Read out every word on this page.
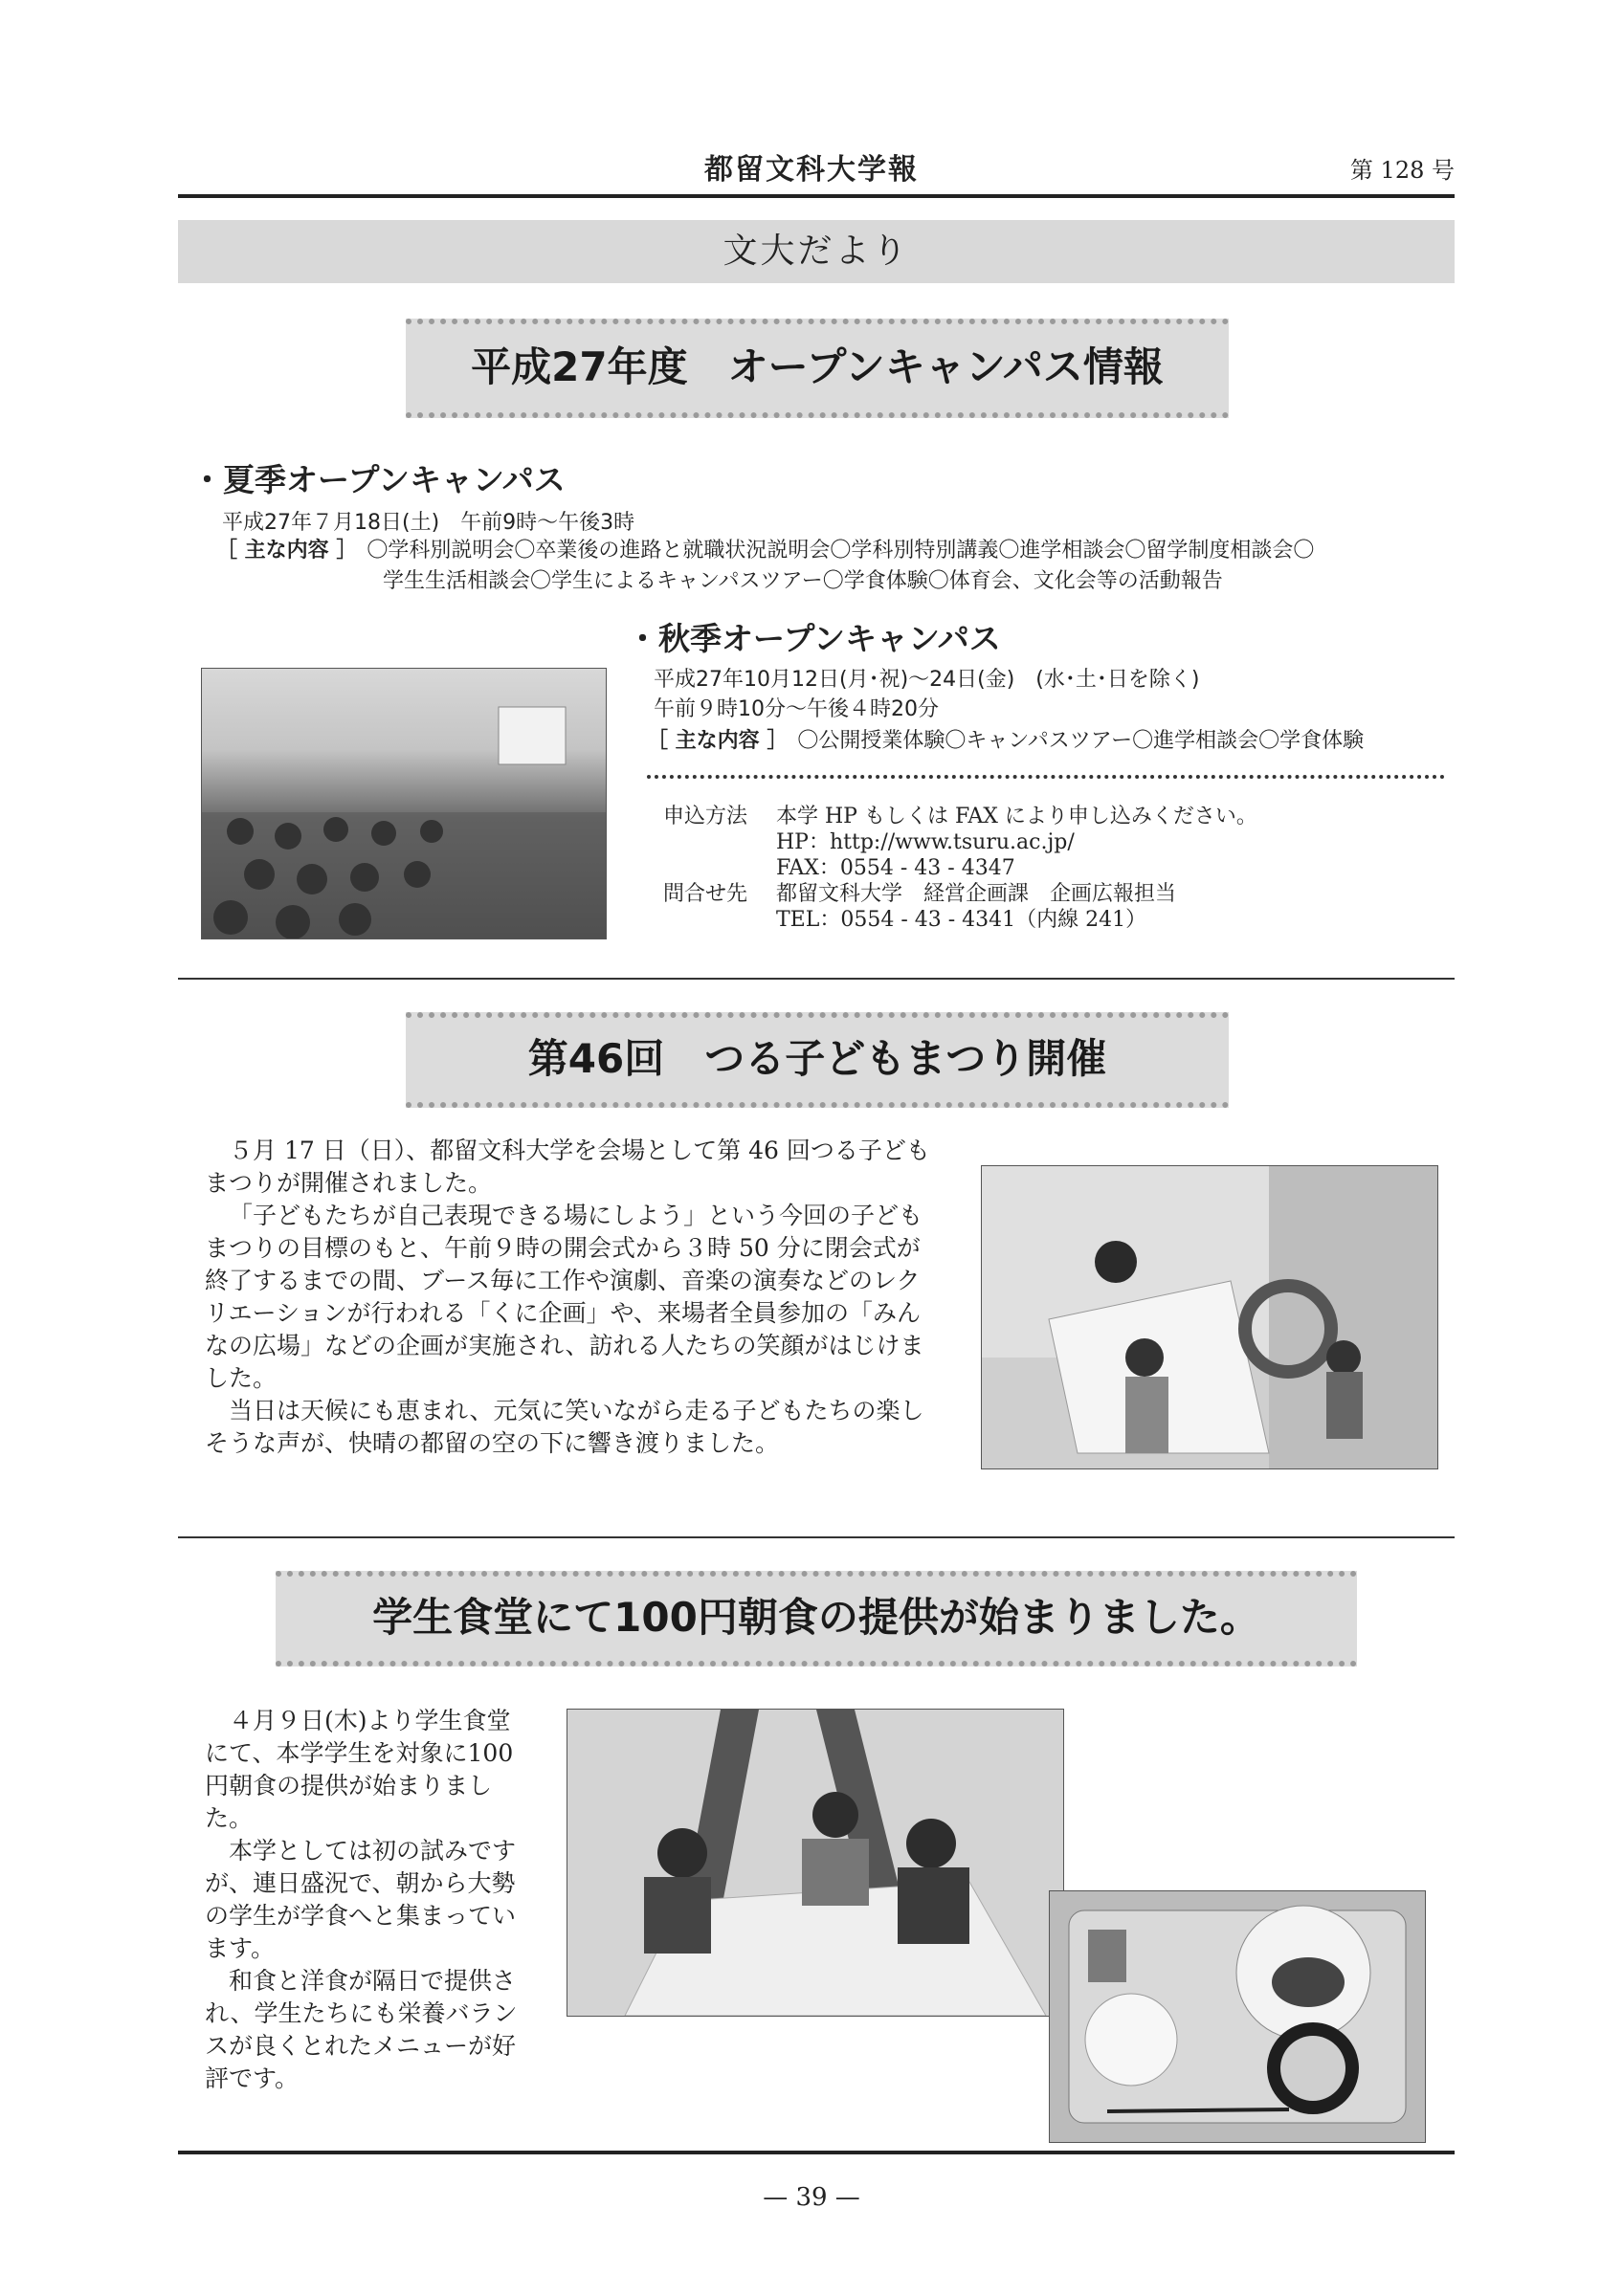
都留文科大学報	第 128 号
文大だより
平成27年度　オープンキャンパス情報
・夏季オープンキャンパス
平成27年７月18日(土)　午前9時〜午後3時
［ 主な内容 ］ 〇学科別説明会〇卒業後の進路と就職状況説明会〇学科別特別講義〇進学相談会〇留学制度相談会〇
学生生活相談会〇学生によるキャンパスツアー〇学食体験〇体育会、文化会等の活動報告
・秋季オープンキャンパス
平成27年10月12日(月･祝)〜24日(金)　(水･土･日を除く)
午前９時10分〜午後４時20分
［ 主な内容 ］ 〇公開授業体験〇キャンパスツアー〇進学相談会〇学食体験
申込方法 本学 HP もしくは FAX により申し込みください。
HP：http://www.tsuru.ac.jp/
FAX：0554 - 43 - 4347
問合せ先 都留文科大学　経営企画課　企画広報担当
TEL：0554 - 43 - 4341（内線 241）
第46回　つる子どもまつり開催

５月 17 日（日）、都留文科大学を会場として第 46 回つる子どもまつりが開催されました。

「子どもたちが自己表現できる場にしよう」という今回の子どもまつりの目標のもと、午前９時の開会式から３時 50 分に閉会式が終了するまでの間、ブース毎に工作や演劇、音楽の演奏などのレクリエーションが行われる「くに企画」や、来場者全員参加の「みんなの広場」などの企画が実施され、訪れる人たちの笑顔がはじけました。

当日は天候にも恵まれ、元気に笑いながら走る子どもたちの楽しそうな声が、快晴の都留の空の下に響き渡りました。

学生食堂にて100円朝食の提供が始まりました。

４月９日(木)より学生食堂にて、本学学生を対象に100円朝食の提供が始まりました。

本学としては初の試みですが、連日盛況で、朝から大勢の学生が学食へと集まっています。

和食と洋食が隔日で提供され、学生たちにも栄養バランスが良くとれたメニューが好評です。

— 39 —
